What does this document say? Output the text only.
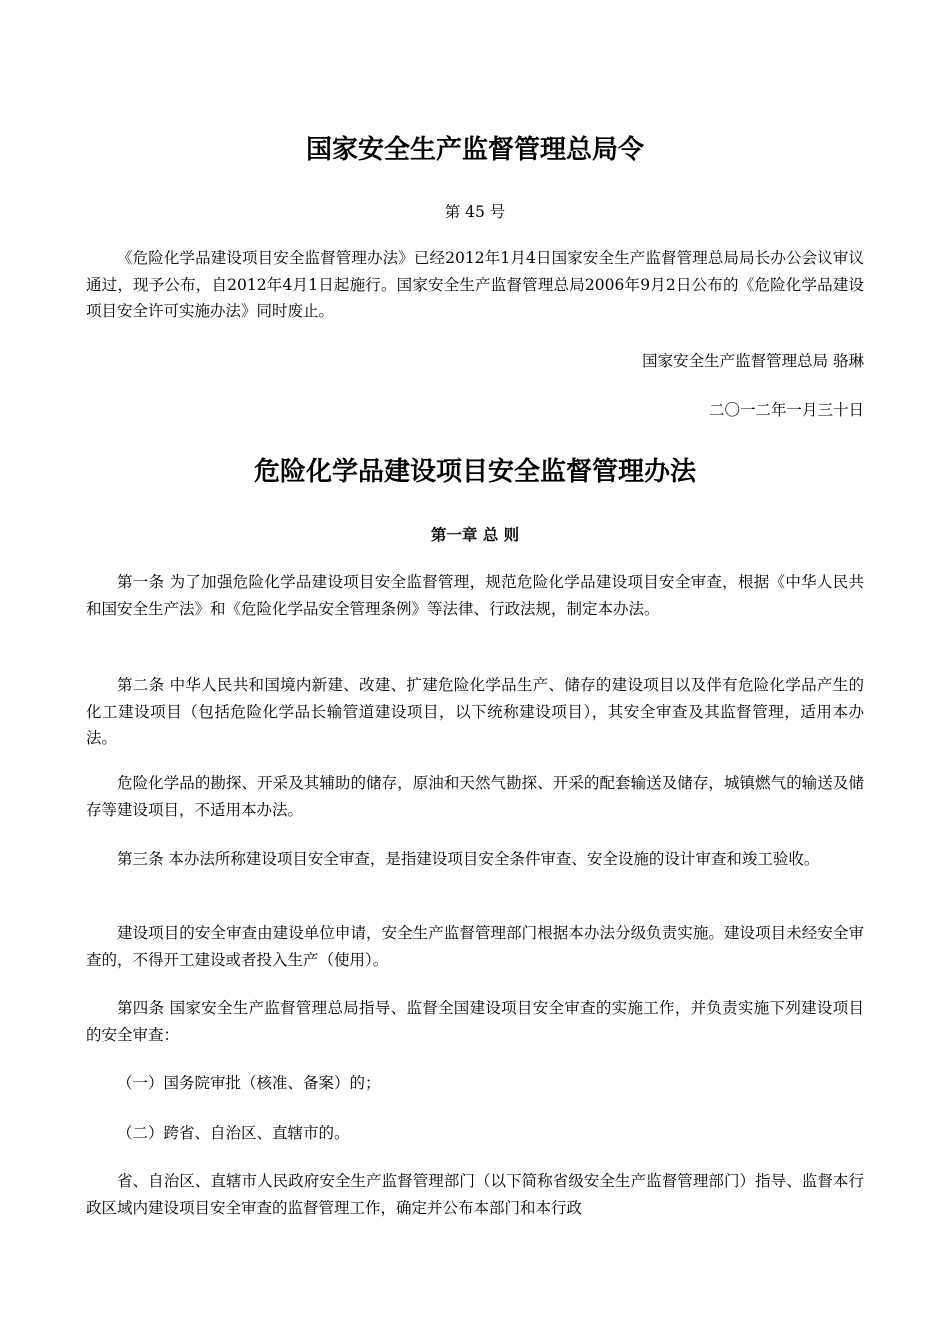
国家安全生产监督管理总局令

第 45 号

《危险化学品建设项目安全监督管理办法》已经2012年1月4日国家安全生产监督管理总局局长办公会议审议通过，现予公布，自2012年4月1日起施行。国家安全生产监督管理总局2006年9月2日公布的《危险化学品建设项目安全许可实施办法》同时废止。

国家安全生产监督管理总局 骆琳

二〇一二年一月三十日

危险化学品建设项目安全监督管理办法

第一章 总 则

第一条 为了加强危险化学品建设项目安全监督管理，规范危险化学品建设项目安全审查，根据《中华人民共和国安全生产法》和《危险化学品安全管理条例》等法律、行政法规，制定本办法。

第二条 中华人民共和国境内新建、改建、扩建危险化学品生产、储存的建设项目以及伴有危险化学品产生的化工建设项目（包括危险化学品长输管道建设项目，以下统称建设项目），其安全审查及其监督管理，适用本办法。

危险化学品的勘探、开采及其辅助的储存，原油和天然气勘探、开采的配套输送及储存，城镇燃气的输送及储存等建设项目，不适用本办法。

第三条 本办法所称建设项目安全审查，是指建设项目安全条件审查、安全设施的设计审查和竣工验收。

建设项目的安全审查由建设单位申请，安全生产监督管理部门根据本办法分级负责实施。建设项目未经安全审查的，不得开工建设或者投入生产（使用）。

第四条 国家安全生产监督管理总局指导、监督全国建设项目安全审查的实施工作，并负责实施下列建设项目的安全审查：

（一）国务院审批（核准、备案）的；

（二）跨省、自治区、直辖市的。

省、自治区、直辖市人民政府安全生产监督管理部门（以下简称省级安全生产监督管理部门）指导、监督本行政区域内建设项目安全审查的监督管理工作，确定并公布本部门和本行政
